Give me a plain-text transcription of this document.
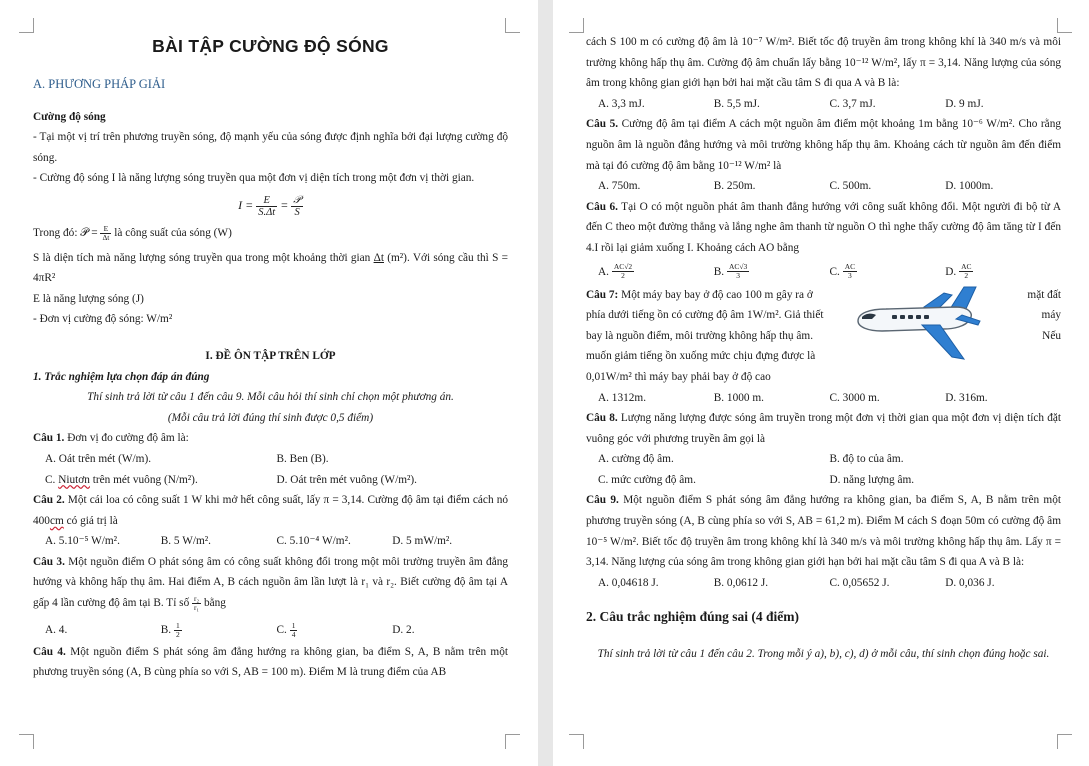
BÀI TẬP CƯỜNG ĐỘ SÓNG

A. PHƯƠNG PHÁP GIẢI

Cường độ sóng

- Tại một vị trí trên phương truyền sóng, độ mạnh yếu của sóng được định nghĩa bởi đại lượng cường độ sóng.

- Cường độ sóng I là năng lượng sóng truyền qua một đơn vị diện tích trong một đơn vị thời gian.

$I = \frac{E}{S.\Delta t} = \frac{\text{𝒫}}{S}$

Trong đó: 𝒫 = $\frac{E}{\Delta t}$ là công suất của sóng (W)

S là diện tích mà năng lượng sóng truyền qua trong một khoảng thời gian Δt (m²). Với sóng cầu thì S = 4πR²

E là năng lượng sóng (J)

- Đơn vị cường độ sóng: W/m²

I. ĐỀ ÔN TẬP TRÊN LỚP

1. Trắc nghiệm lựa chọn đáp án đúng

Thí sinh trả lời từ câu 1 đến câu 9. Mỗi câu hỏi thí sinh chỉ chọn một phương án.

(Mỗi câu trả lời đúng thí sinh được 0,5 điểm)

Câu 1. Đơn vị đo cường độ âm là:

A. Oát trên mét (W/m).	B. Ben (B).
C. Niutơn trên mét vuông (N/m²).	D. Oát trên mét vuông (W/m²).

Câu 2. Một cái loa có công suất 1 W khi mở hết công suất, lấy π = 3,14. Cường độ âm tại điểm cách nó 400cm có giá trị là

A. 5.10⁻⁵ W/m².	B. 5 W/m².	C. 5.10⁻⁴ W/m².	D. 5 mW/m².

Câu 3. Một nguồn điểm O phát sóng âm có công suất không đổi trong một môi trường truyền âm đẳng hướng và không hấp thụ âm. Hai điểm A, B cách nguồn âm lần lượt là r₁ và r₂. Biết cường độ âm tại A gấp 4 lần cường độ âm tại B. Tỉ số $\frac{\text{r₂}}{\text{r₁}}$ bằng

A. 4.	B. $\frac{1}{2}$	C. $\frac{1}{4}$	D. 2.

Câu 4. Một nguồn điểm S phát sóng âm đẳng hướng ra không gian, ba điểm S, A, B nằm trên một phương truyền sóng (A, B cùng phía so với S, AB = 100 m). Điểm M là trung điểm của AB

cách S 100 m có cường độ âm là 10⁻⁷ W/m². Biết tốc độ truyền âm trong không khí là 340 m/s và môi trường không hấp thụ âm. Cường độ âm chuẩn lấy bằng 10⁻¹² W/m², lấy π = 3,14. Năng lượng của sóng âm trong không gian giới hạn bởi hai mặt cầu tâm S đi qua A và B là:

A. 3,3 mJ.	B. 5,5 mJ.	C. 3,7 mJ.	D. 9 mJ.

Câu 5. Cường độ âm tại điểm A cách một nguồn âm điểm một khoảng 1m bằng 10⁻⁶ W/m². Cho rằng nguồn âm là nguồn đẳng hướng và môi trường không hấp thụ âm. Khoảng cách từ nguồn âm đến điểm mà tại đó cường độ âm bằng 10⁻¹² W/m² là

A. 750m.	B. 250m.	C. 500m.	D. 1000m.

Câu 6. Tại O có một nguồn phát âm thanh đẳng hướng với công suất không đổi. Một người đi bộ từ A đến C theo một đường thẳng và lắng nghe âm thanh từ nguồn O thì nghe thấy cường độ âm tăng từ I đến 4.I rồi lại giảm xuống I. Khoảng cách AO bằng

A. $\frac{AC√2}{2}$	B. $\frac{AC√3}{3}$	C. $\frac{AC}{3}$	D. $\frac{AC}{2}$

Câu 7: Một máy bay bay ở độ cao 100 m gây ra ở	mặt đất

phía dưới tiếng ồn có cường độ âm 1W/m². Giả thiết	máy

bay là nguồn điểm, môi trường không hấp thụ âm.	Nếu

muốn giảm tiếng ồn xuống mức chịu đựng được là

0,01W/m² thì máy bay phải bay ở độ cao

A. 1312m.	B. 1000 m.	C. 3000 m.	D. 316m.

Câu 8. Lượng năng lượng được sóng âm truyền trong một đơn vị thời gian qua một đơn vị diện tích đặt vuông góc với phương truyền âm gọi là

A. cường độ âm.	B. độ to của âm.
C. mức cường độ âm.	D. năng lượng âm.

Câu 9. Một nguồn điểm S phát sóng âm đẳng hướng ra không gian, ba điểm S, A, B nằm trên một phương truyền sóng (A, B cùng phía so với S, AB = 61,2 m). Điểm M cách S đoạn 50m có cường độ âm 10⁻⁵ W/m². Biết tốc độ truyền âm trong không khí là 340 m/s và môi trường không hấp thụ âm. Lấy π = 3,14. Năng lượng của sóng âm trong không gian giới hạn bởi hai mặt cầu tâm S đi qua A và B là:

A. 0,04618 J.	B. 0,0612 J.	C. 0,05652 J.	D. 0,036 J.

2. Câu trắc nghiệm đúng sai (4 điểm)

Thí sinh trả lời từ câu 1 đến câu 2. Trong mỗi ý a), b), c), d) ở mỗi câu, thí sinh chọn đúng hoặc sai.
